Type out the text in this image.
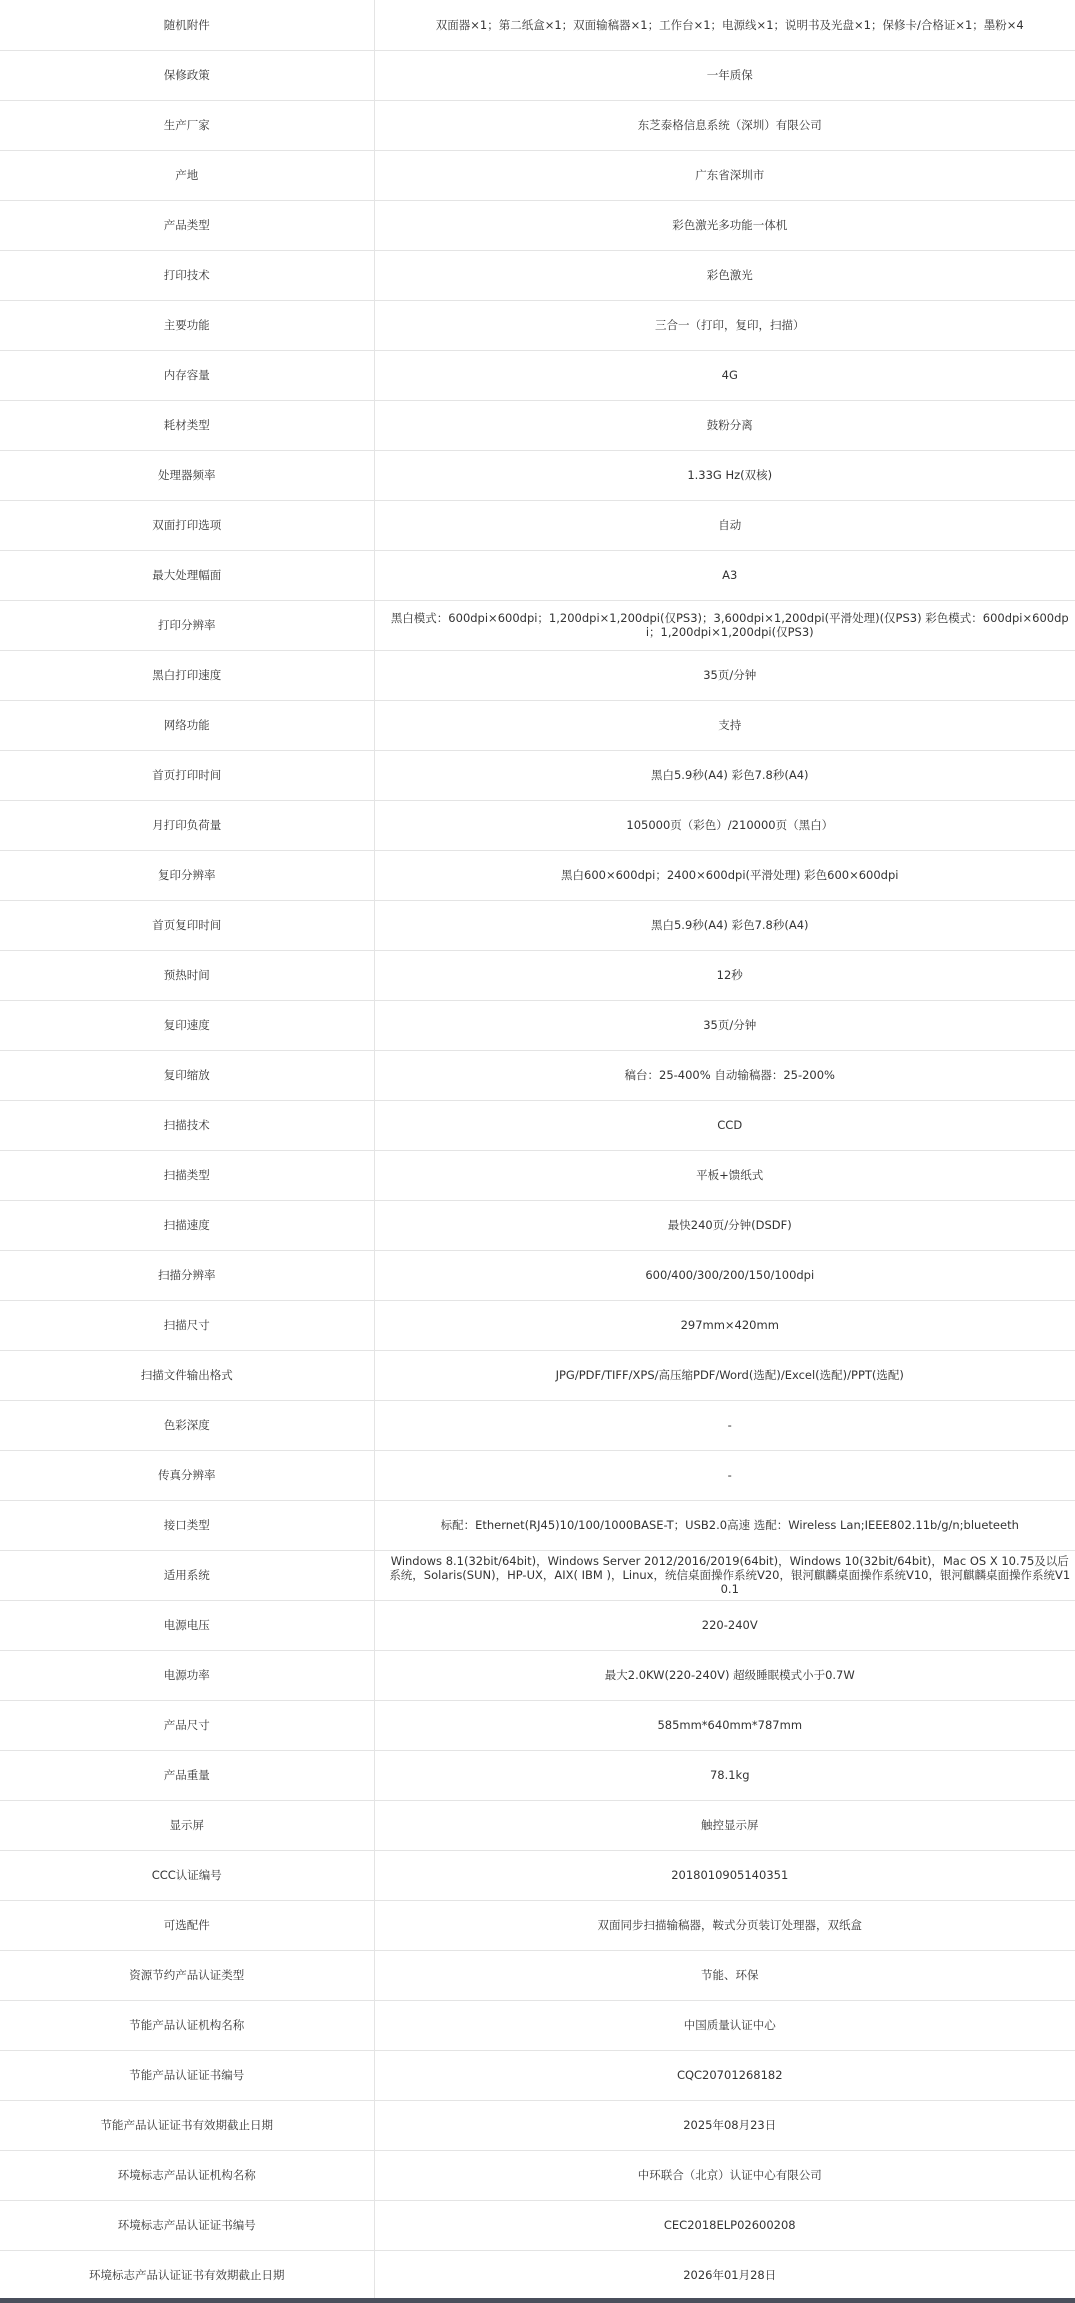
随机附件	双面器×1；第二纸盒×1；双面输稿器×1；工作台×1；电源线×1；说明书及光盘×1；保修卡/合格证×1；墨粉×4
保修政策	一年质保
生产厂家	东芝泰格信息系统（深圳）有限公司
产地	广东省深圳市
产品类型	彩色激光多功能一体机
打印技术	彩色激光
主要功能	三合一（打印，复印，扫描）
内存容量	4G
耗材类型	鼓粉分离
处理器频率	1.33G Hz(双核)
双面打印选项	自动
最大处理幅面	A3
打印分辨率	黑白模式：600dpi×600dpi；1,200dpi×1,200dpi(仅PS3)；3,600dpi×1,200dpi(平滑处理)(仅PS3) 彩色模式：600dpi×600dpi；1,200dpi×1,200dpi(仅PS3)
黑白打印速度	35页/分钟
网络功能	支持
首页打印时间	黑白5.9秒(A4) 彩色7.8秒(A4)
月打印负荷量	105000页（彩色）/210000页（黑白）
复印分辨率	黑白600×600dpi；2400×600dpi(平滑处理) 彩色600×600dpi
首页复印时间	黑白5.9秒(A4) 彩色7.8秒(A4)
预热时间	12秒
复印速度	35页/分钟
复印缩放	稿台：25-400% 自动输稿器：25-200%
扫描技术	CCD
扫描类型	平板+馈纸式
扫描速度	最快240页/分钟(DSDF)
扫描分辨率	600/400/300/200/150/100dpi
扫描尺寸	297mm×420mm
扫描文件输出格式	JPG/PDF/TIFF/XPS/高压缩PDF/Word(选配)/Excel(选配)/PPT(选配)
色彩深度	-
传真分辨率	-
接口类型	标配：Ethernet(RJ45)10/100/1000BASE-T；USB2.0高速 选配：Wireless Lan;IEEE802.11b/g/n;blueteeth
适用系统	Windows 8.1(32bit/64bit)，Windows Server 2012/2016/2019(64bit)，Windows 10(32bit/64bit)，Mac OS X 10.75及以后系统，Solaris(SUN)，HP-UX，AIX( IBM )，Linux，统信桌面操作系统V20，银河麒麟桌面操作系统V10，银河麒麟桌面操作系统V10.1
电源电压	220-240V
电源功率	最大2.0KW(220-240V) 超级睡眠模式小于0.7W
产品尺寸	585mm*640mm*787mm
产品重量	78.1kg
显示屏	触控显示屏
CCC认证编号	2018010905140351
可选配件	双面同步扫描输稿器，鞍式分页装订处理器，双纸盒
资源节约产品认证类型	节能、环保
节能产品认证机构名称	中国质量认证中心
节能产品认证证书编号	CQC20701268182
节能产品认证证书有效期截止日期	2025年08月23日
环境标志产品认证机构名称	中环联合（北京）认证中心有限公司
环境标志产品认证证书编号	CEC2018ELP02600208
环境标志产品认证证书有效期截止日期	2026年01月28日
